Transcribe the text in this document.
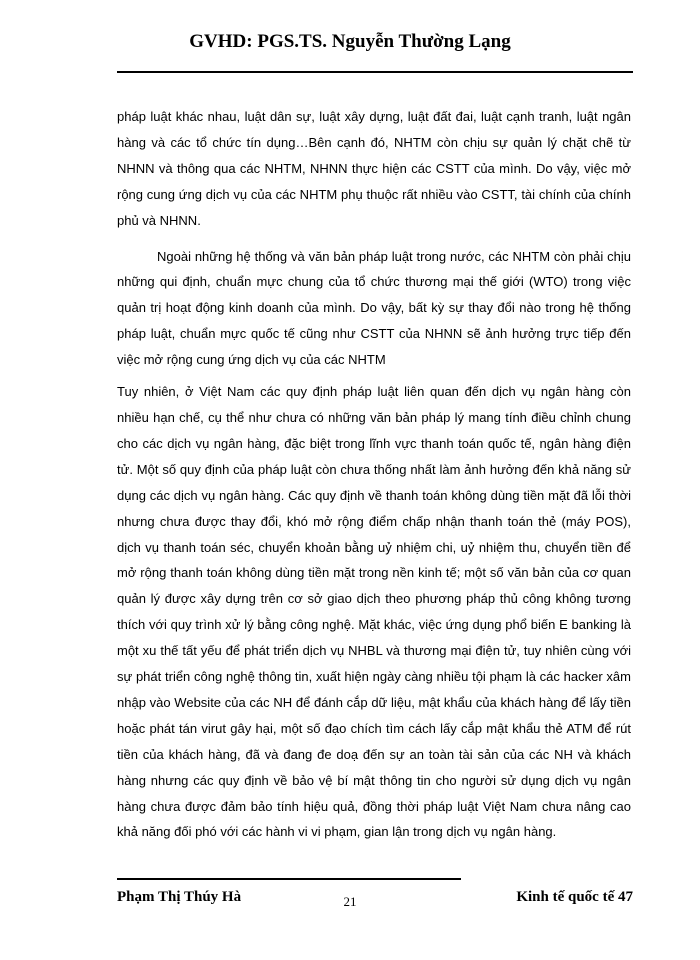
GVHD: PGS.TS. Nguyễn Thường Lạng

pháp luật khác nhau, luật dân sự, luật xây dựng, luật đất đai, luật cạnh tranh, luật ngân hàng và các tổ chức tín dụng…Bên cạnh đó, NHTM còn chịu sự quản lý chặt chẽ từ NHNN và thông qua các NHTM, NHNN thực hiện các CSTT của mình. Do vậy, việc mở rộng cung ứng dịch vụ của các NHTM phụ thuộc rất nhiều vào CSTT, tài chính của chính phủ và NHNN.

Ngoài những hệ thống và văn bản pháp luật trong nước, các NHTM còn phải chịu những qui định, chuẩn mực chung của tổ chức thương mại thế giới (WTO) trong việc quản trị hoạt động kinh doanh của mình. Do vậy, bất kỳ sự thay đổi nào trong hệ thống pháp luật, chuẩn mực quốc tế cũng như CSTT của NHNN sẽ ảnh hưởng trực tiếp đến việc mở rộng cung ứng dịch vụ của các NHTM

Tuy nhiên, ở Việt Nam các quy định pháp luật liên quan đến dịch vụ ngân hàng còn nhiều hạn chế, cụ thể như chưa có những văn bản pháp lý mang tính điều chỉnh chung cho các dịch vụ ngân hàng, đặc biệt trong lĩnh vực thanh toán quốc tế, ngân hàng điện tử. Một số quy định của pháp luật còn chưa thống nhất làm ảnh hưởng đến khả năng sử dụng các dịch vụ ngân hàng. Các quy định về thanh toán không dùng tiền mặt đã lỗi thời nhưng chưa được thay đổi, khó mở rộng điểm chấp nhận thanh toán thẻ (máy POS), dịch vụ thanh toán séc, chuyển khoản bằng uỷ nhiệm chi, uỷ nhiệm thu, chuyển tiền để mở rộng thanh toán không dùng tiền mặt trong nền kinh tế; một số văn bản của cơ quan quản lý được xây dựng trên cơ sở giao dịch theo phương pháp thủ công không tương thích với quy trình xử lý bằng công nghệ. Mặt khác, việc ứng dụng phổ biến E banking là một xu thế tất yếu để phát triển dịch vụ NHBL và thương mại điện tử, tuy nhiên cùng với sự phát triển công nghệ thông tin, xuất hiện ngày càng nhiều tội phạm là các hacker xâm nhập vào Website của các NH để đánh cắp dữ liệu, mật khẩu của khách hàng để lấy tiền hoặc phát tán virut gây hại, một số đạo chích tìm cách lấy cắp mật khẩu thẻ ATM để rút tiền của khách hàng, đã và đang đe doạ đến sự an toàn tài sản của các NH và khách hàng nhưng các quy định về bảo vệ bí mật thông tin cho người sử dụng dịch vụ ngân hàng chưa được đảm bảo tính hiệu quả, đồng thời pháp luật Việt Nam chưa nâng cao khả năng đối phó với các hành vi vi phạm, gian lận trong dịch vụ ngân hàng.

Phạm Thị Thúy Hà	21	Kinh tế quốc tế 47
